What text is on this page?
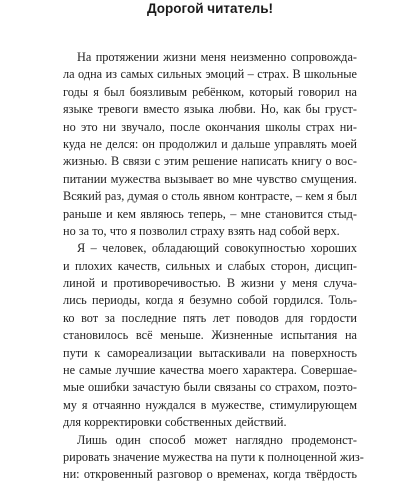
Дорогой читатель!
На протяжении жизни меня неизменно сопровожда-
ла одна из самых сильных эмоций – страх. В школьные
годы я был боязливым ребёнком, который говорил на
языке тревоги вместо языка любви. Но, как бы груст-
но это ни звучало, после окончания школы страх ни-
куда не делся: он продолжил и дальше управлять моей
жизнью. В связи с этим решение написать книгу о вос-
питании мужества вызывает во мне чувство смущения.
Всякий раз, думая о столь явном контрасте, – кем я был
раньше и кем являюсь теперь, – мне становится стыд-
но за то, что я позволил страху взять над собой верх.
Я – человек, обладающий совокупностью хороших
и плохих качеств, сильных и слабых сторон, дисцип-
линой и противоречивостью. В жизни у меня случа-
лись периоды, когда я безумно собой гордился. Толь-
ко вот за последние пять лет поводов для гордости
становилось всё меньше. Жизненные испытания на
пути к самореализации вытаскивали на поверхность
не самые лучшие качества моего характера. Совершае-
мые ошибки зачастую были связаны со страхом, поэто-
му я отчаянно нуждался в мужестве, стимулирующем
для корректировки собственных действий.
Лишь один способ может наглядно продемонст-
рировать значение мужества на пути к полноценной жиз-
ни: откровенный разговор о временах, когда твёрдость
